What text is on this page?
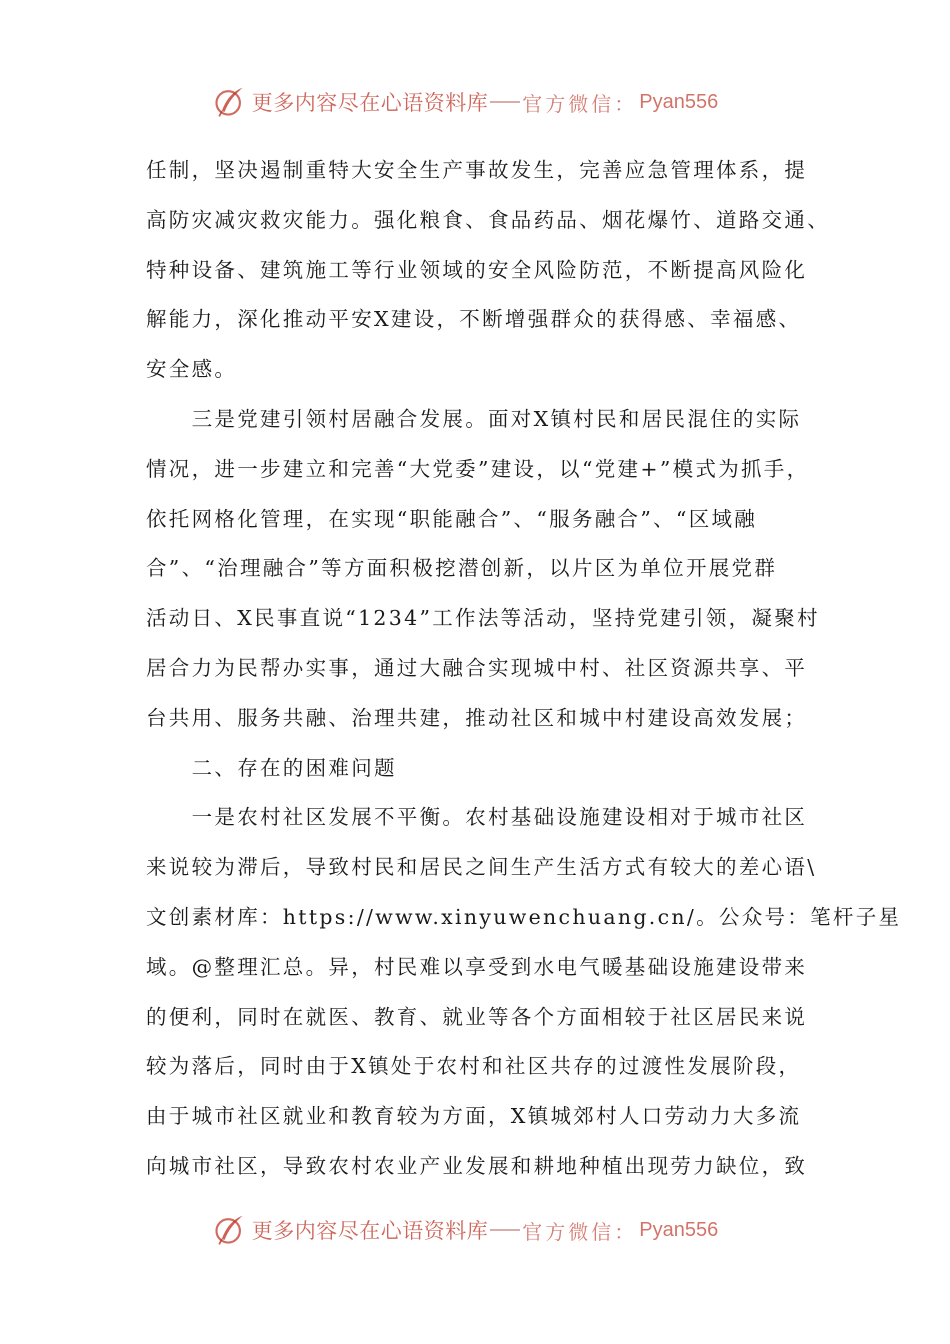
更多内容尽在心语资料库 官方微信： Pyan556
任制，坚决遏制重特大安全生产事故发生，完善应急管理体系，提
高防灾减灾救灾能力。强化粮食、食品药品、烟花爆竹、道路交通、
特种设备、建筑施工等行业领域的安全风险防范，不断提高风险化
解能力，深化推动平安X建设，不断增强群众的获得感、幸福感、
安全感。
　　三是党建引领村居融合发展。面对X镇村民和居民混住的实际
情况，进一步建立和完善“大党委”建设，以“党建+”模式为抓手，
依托网格化管理，在实现“职能融合”、“服务融合”、“区域融
合”、“治理融合”等方面积极挖潜创新，以片区为单位开展党群
活动日、X民事直说“1234”工作法等活动，坚持党建引领，凝聚村
居合力为民帮办实事，通过大融合实现城中村、社区资源共享、平
台共用、服务共融、治理共建，推动社区和城中村建设高效发展；
　　二、存在的困难问题
　　一是农村社区发展不平衡。农村基础设施建设相对于城市社区
来说较为滞后，导致村民和居民之间生产生活方式有较大的差心语\
文创素材库：https://www.xinyuwenchuang.cn/。公众号：笔杆子星
域。@整理汇总。异，村民难以享受到水电气暖基础设施建设带来
的便利，同时在就医、教育、就业等各个方面相较于社区居民来说
较为落后，同时由于X镇处于农村和社区共存的过渡性发展阶段，
由于城市社区就业和教育较为方面，X镇城郊村人口劳动力大多流
向城市社区，导致农村农业产业发展和耕地种植出现劳力缺位，致
更多内容尽在心语资料库 官方微信： Pyan556
